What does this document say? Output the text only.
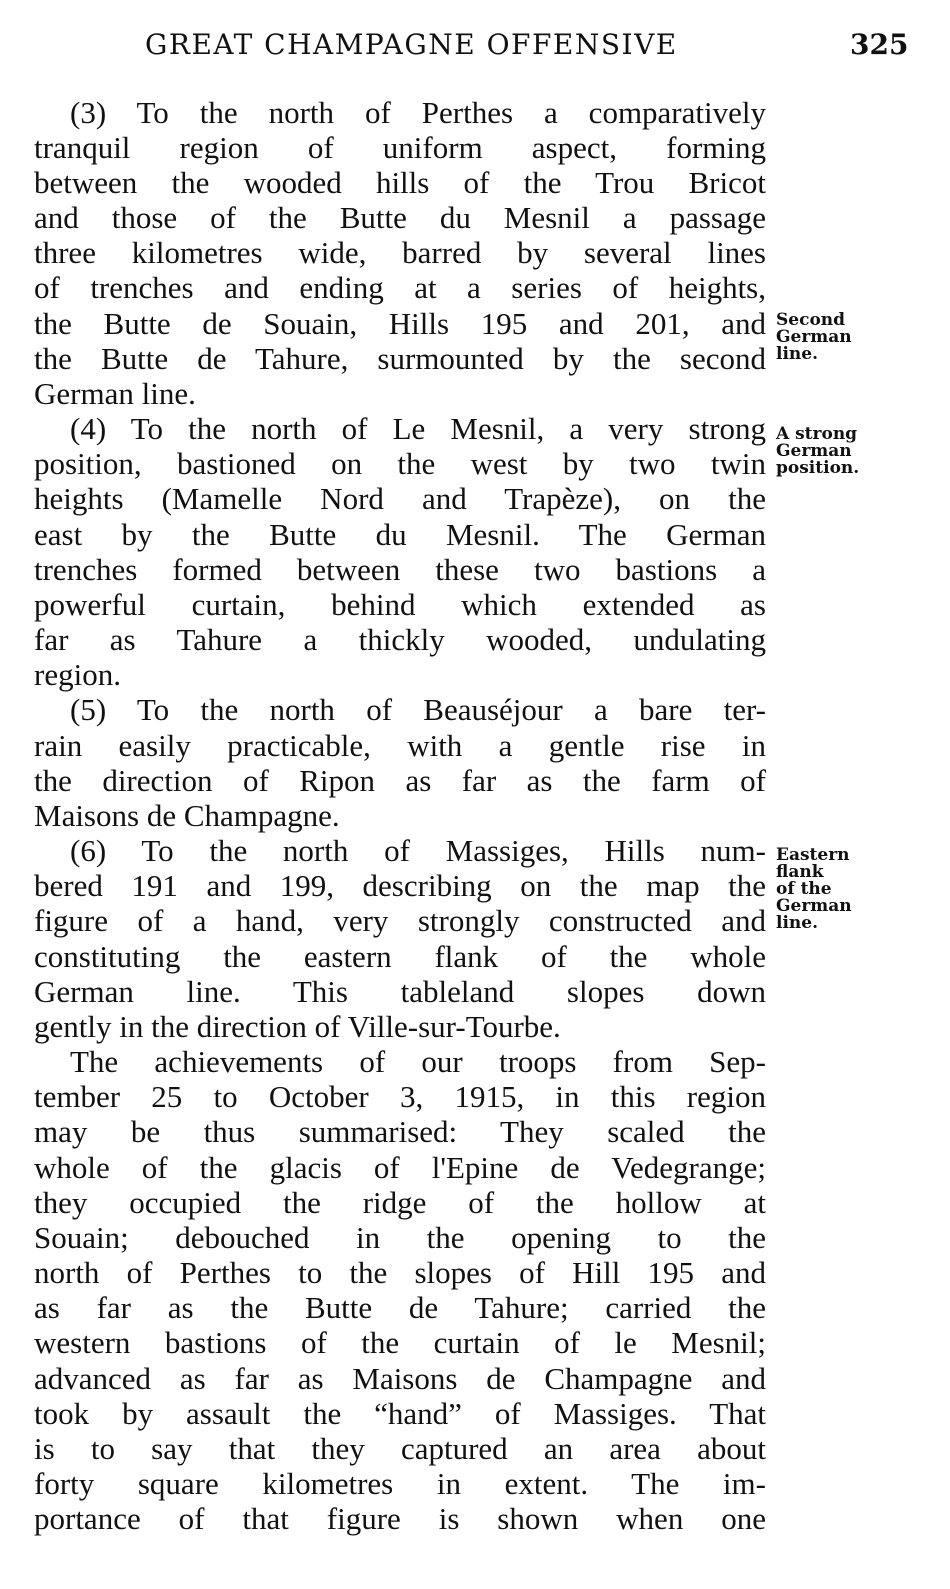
GREAT CHAMPAGNE OFFENSIVE	325
(3) To the north of Perthes a comparatively
tranquil region of uniform aspect, forming
between the wooded hills of the Trou Bricot
and those of the Butte du Mesnil a passage
three kilometres wide, barred by several lines
of trenches and ending at a series of heights,
the Butte de Souain, Hills 195 and 201, and
the Butte de Tahure, surmounted by the second
German line.
(4) To the north of Le Mesnil, a very strong
position, bastioned on the west by two twin
heights (Mamelle Nord and Trapèze), on the
east by the Butte du Mesnil. The German
trenches formed between these two bastions a
powerful curtain, behind which extended as
far as Tahure a thickly wooded, undulating
region.
(5) To the north of Beauséjour a bare ter-
rain easily practicable, with a gentle rise in
the direction of Ripon as far as the farm of
Maisons de Champagne.
(6) To the north of Massiges, Hills num-
bered 191 and 199, describing on the map the
figure of a hand, very strongly constructed and
constituting the eastern flank of the whole
German line. This tableland slopes down
gently in the direction of Ville-sur-Tourbe.
The achievements of our troops from Sep-
tember 25 to October 3, 1915, in this region
may be thus summarised: They scaled the
whole of the glacis of l'Epine de Vedegrange;
they occupied the ridge of the hollow at
Souain; debouched in the opening to the
north of Perthes to the slopes of Hill 195 and
as far as the Butte de Tahure; carried the
western bastions of the curtain of le Mesnil;
advanced as far as Maisons de Champagne and
took by assault the “hand” of Massiges. That
is to say that they captured an area about
forty square kilometres in extent. The im-
portance of that figure is shown when one
Second
German
line.
A strong
German
position.
Eastern
flank
of the
German
line.
